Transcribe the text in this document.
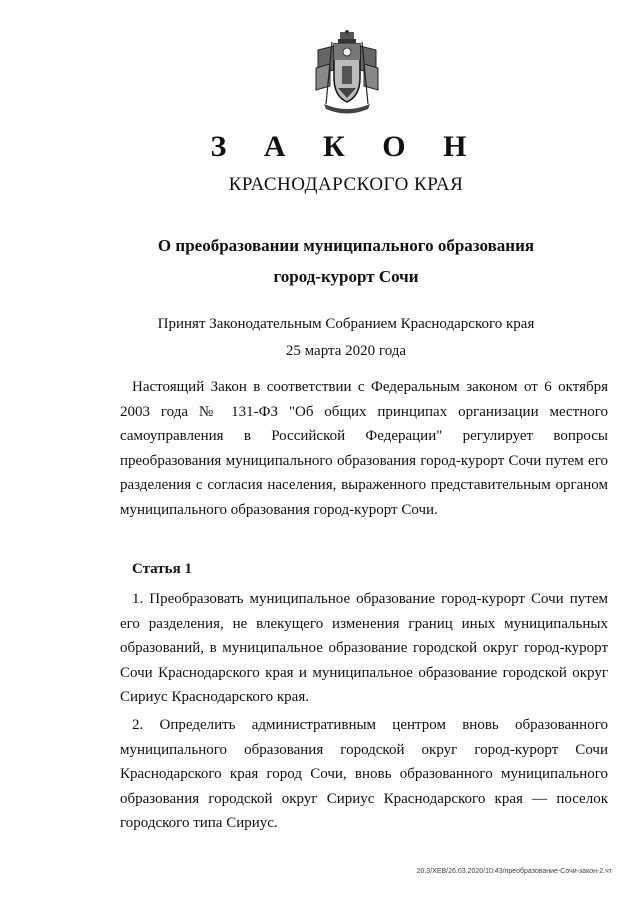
З А К О Н
КРАСНОДАРСКОГО КРАЯ
О преобразовании муниципального образования
город-курорт Сочи
Принят Законодательным Собранием Краснодарского края
25 марта 2020 года

Настоящий Закон в соответствии с Федеральным законом от 6 октября 2003 года № 131-ФЗ "Об общих принципах организации местного самоуправления в Российской Федерации" регулирует вопросы преобразования муниципального образования город-курорт Сочи путем его разделения с согласия населения, выраженного представительным органом муниципального образования город-курорт Сочи.

Статья 1

1. Преобразовать муниципальное образование город-курорт Сочи путем его разделения, не влекущего изменения границ иных муниципальных образований, в муниципальное образование городской округ город-курорт Сочи Краснодарского края и муниципальное образование городской округ Сириус Краснодарского края.

2. Определить административным центром вновь образованного муниципального образования городской округ город-курорт Сочи Краснодарского края город Сочи, вновь образованного муниципального образования городской округ Сириус Краснодарского края — поселок городского типа Сириус.

20.3/ХЕВ/26.03.2020/10:43/преобразование-Сочи-закон-2.чт
